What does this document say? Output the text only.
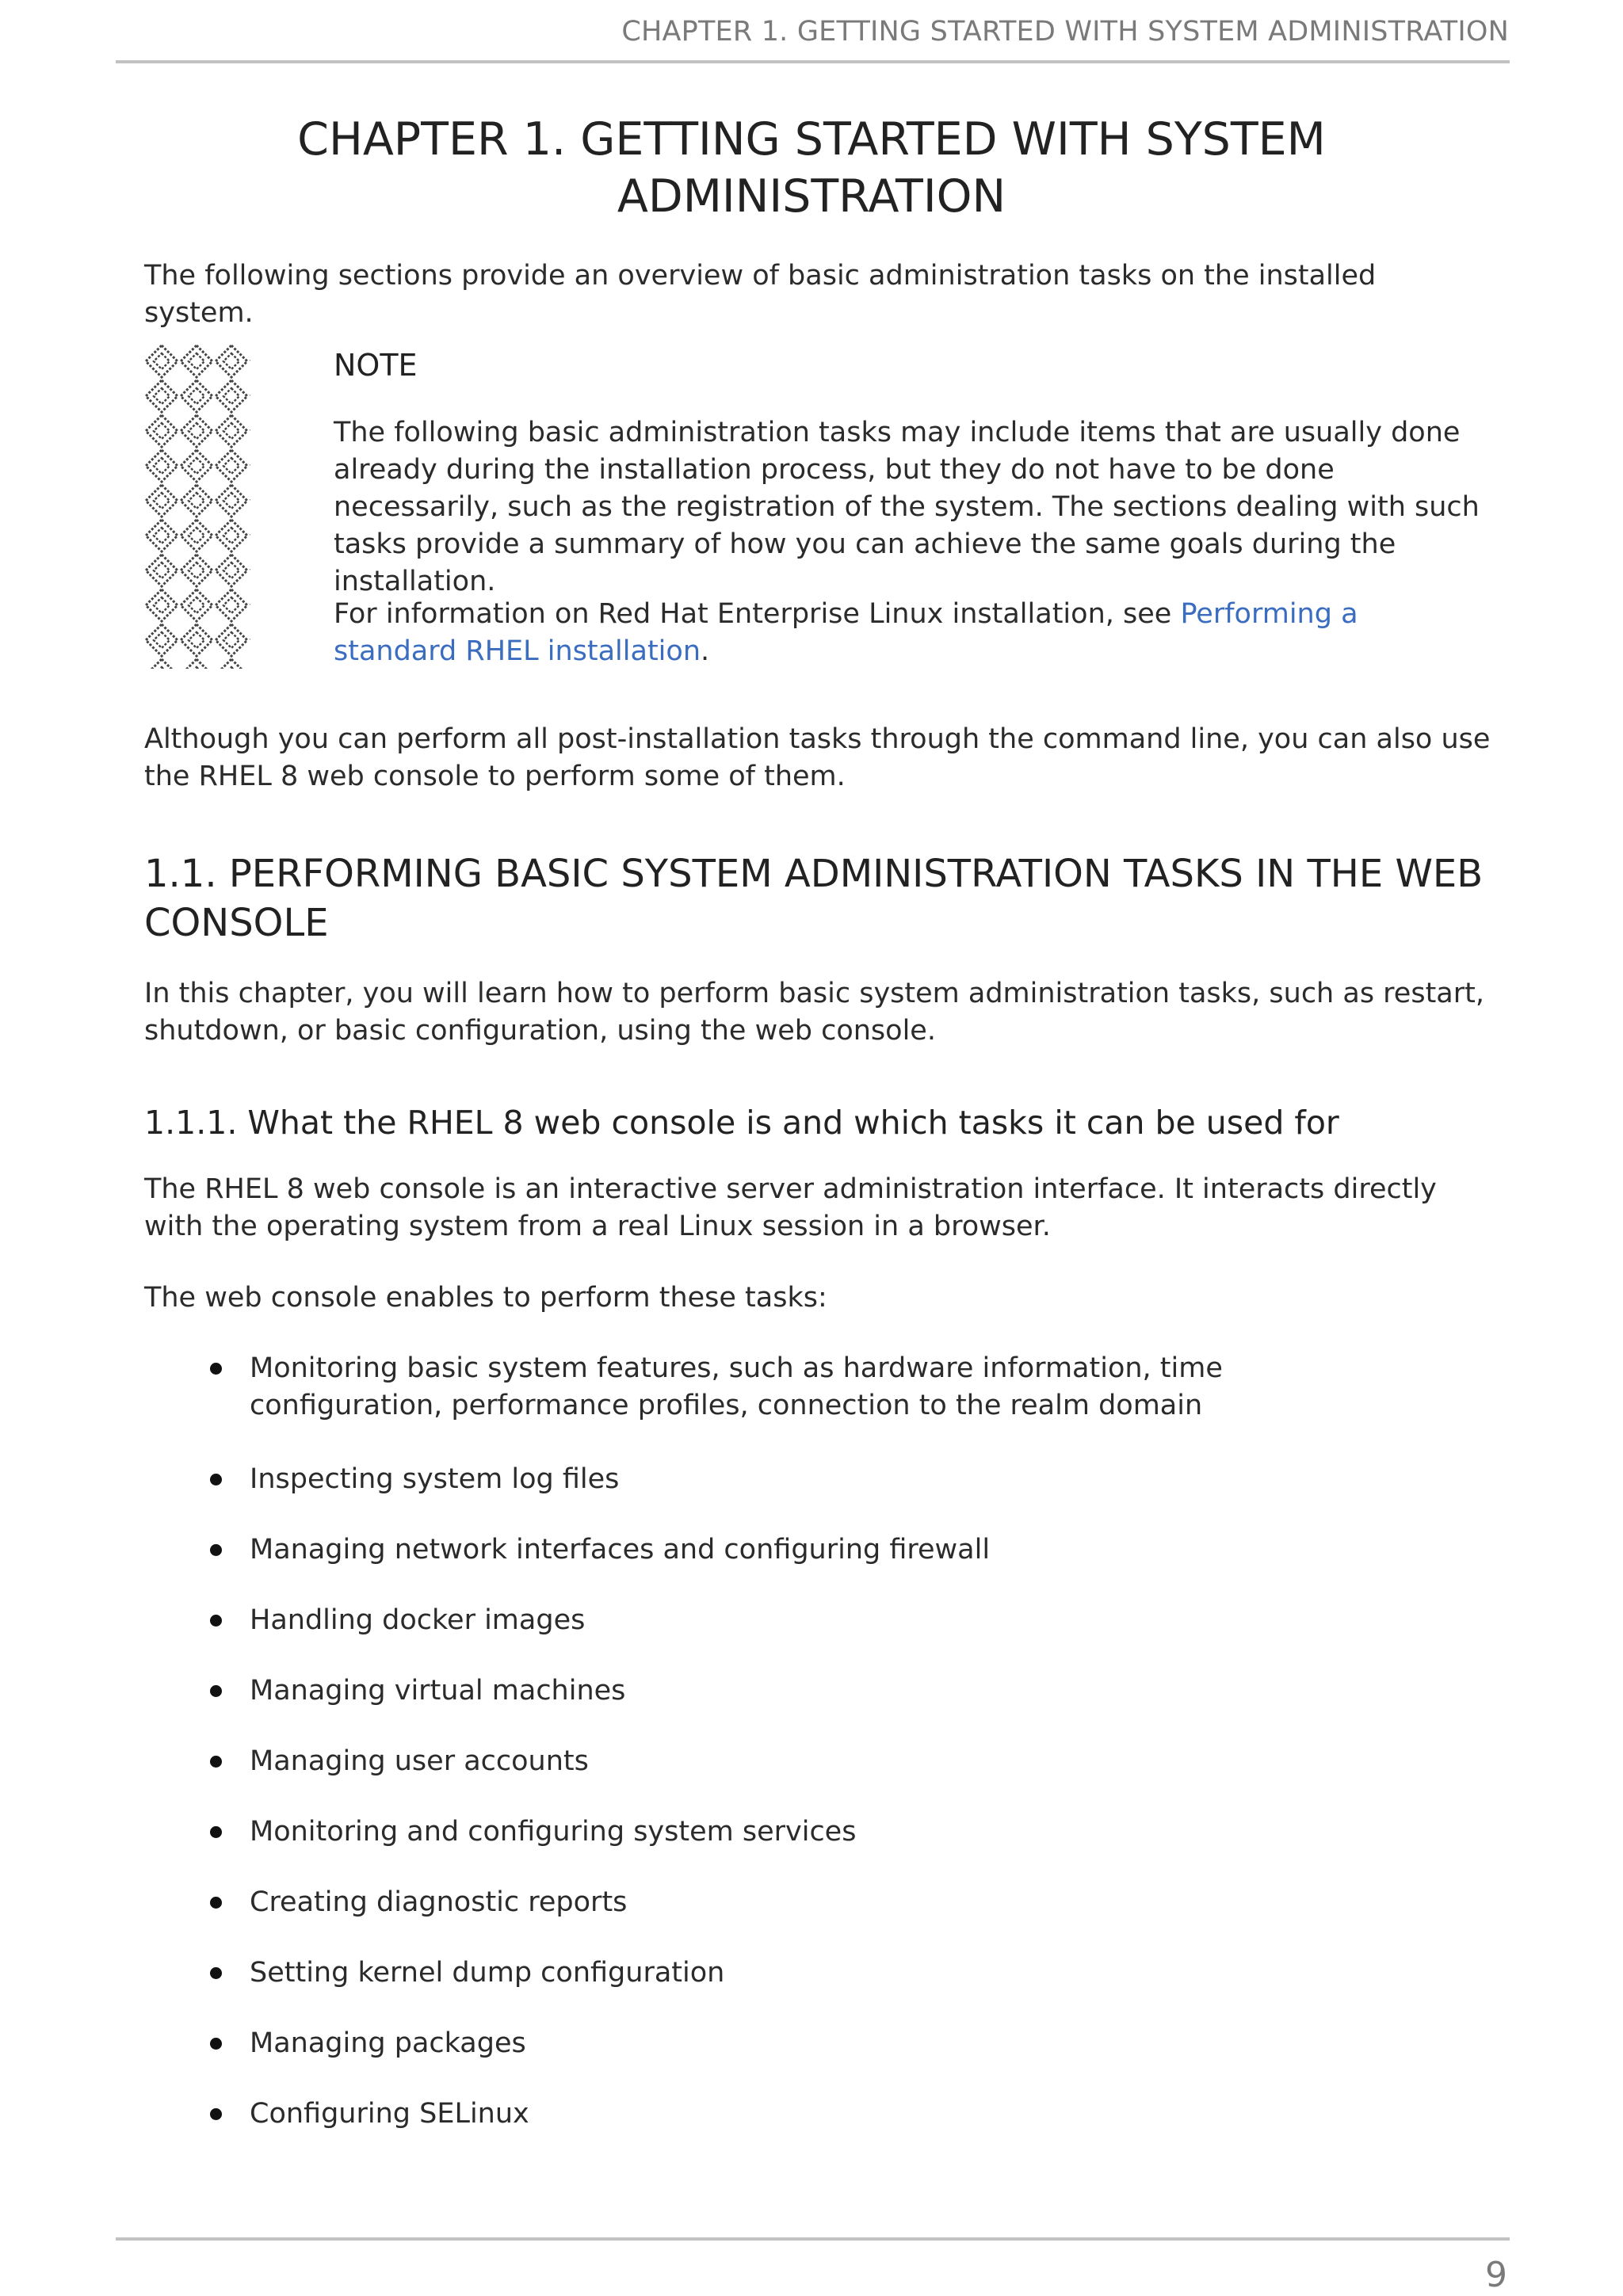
CHAPTER 1. GETTING STARTED WITH SYSTEM ADMINISTRATION
CHAPTER 1. GETTING STARTED WITH SYSTEM
ADMINISTRATION

The following sections provide an overview of basic administration tasks on the installed system.

NOTE

The following basic administration tasks may include items that are usually done already during the installation process, but they do not have to be done necessarily, such as the registration of the system. The sections dealing with such tasks provide a summary of how you can achieve the same goals during the installation.

For information on Red Hat Enterprise Linux installation, see Performing a standard RHEL installation.

Although you can perform all post-installation tasks through the command line, you can also use the RHEL 8 web console to perform some of them.

1.1. PERFORMING BASIC SYSTEM ADMINISTRATION TASKS IN THE WEB CONSOLE

In this chapter, you will learn how to perform basic system administration tasks, such as restart, shutdown, or basic configuration, using the web console.

1.1.1. What the RHEL 8 web console is and which tasks it can be used for

The RHEL 8 web console is an interactive server administration interface. It interacts directly with the operating system from a real Linux session in a browser.

The web console enables to perform these tasks:

Monitoring basic system features, such as hardware information, time configuration, performance profiles, connection to the realm domain
Inspecting system log files
Managing network interfaces and configuring firewall
Handling docker images
Managing virtual machines
Managing user accounts
Monitoring and configuring system services
Creating diagnostic reports
Setting kernel dump configuration
Managing packages
Configuring SELinux
9
